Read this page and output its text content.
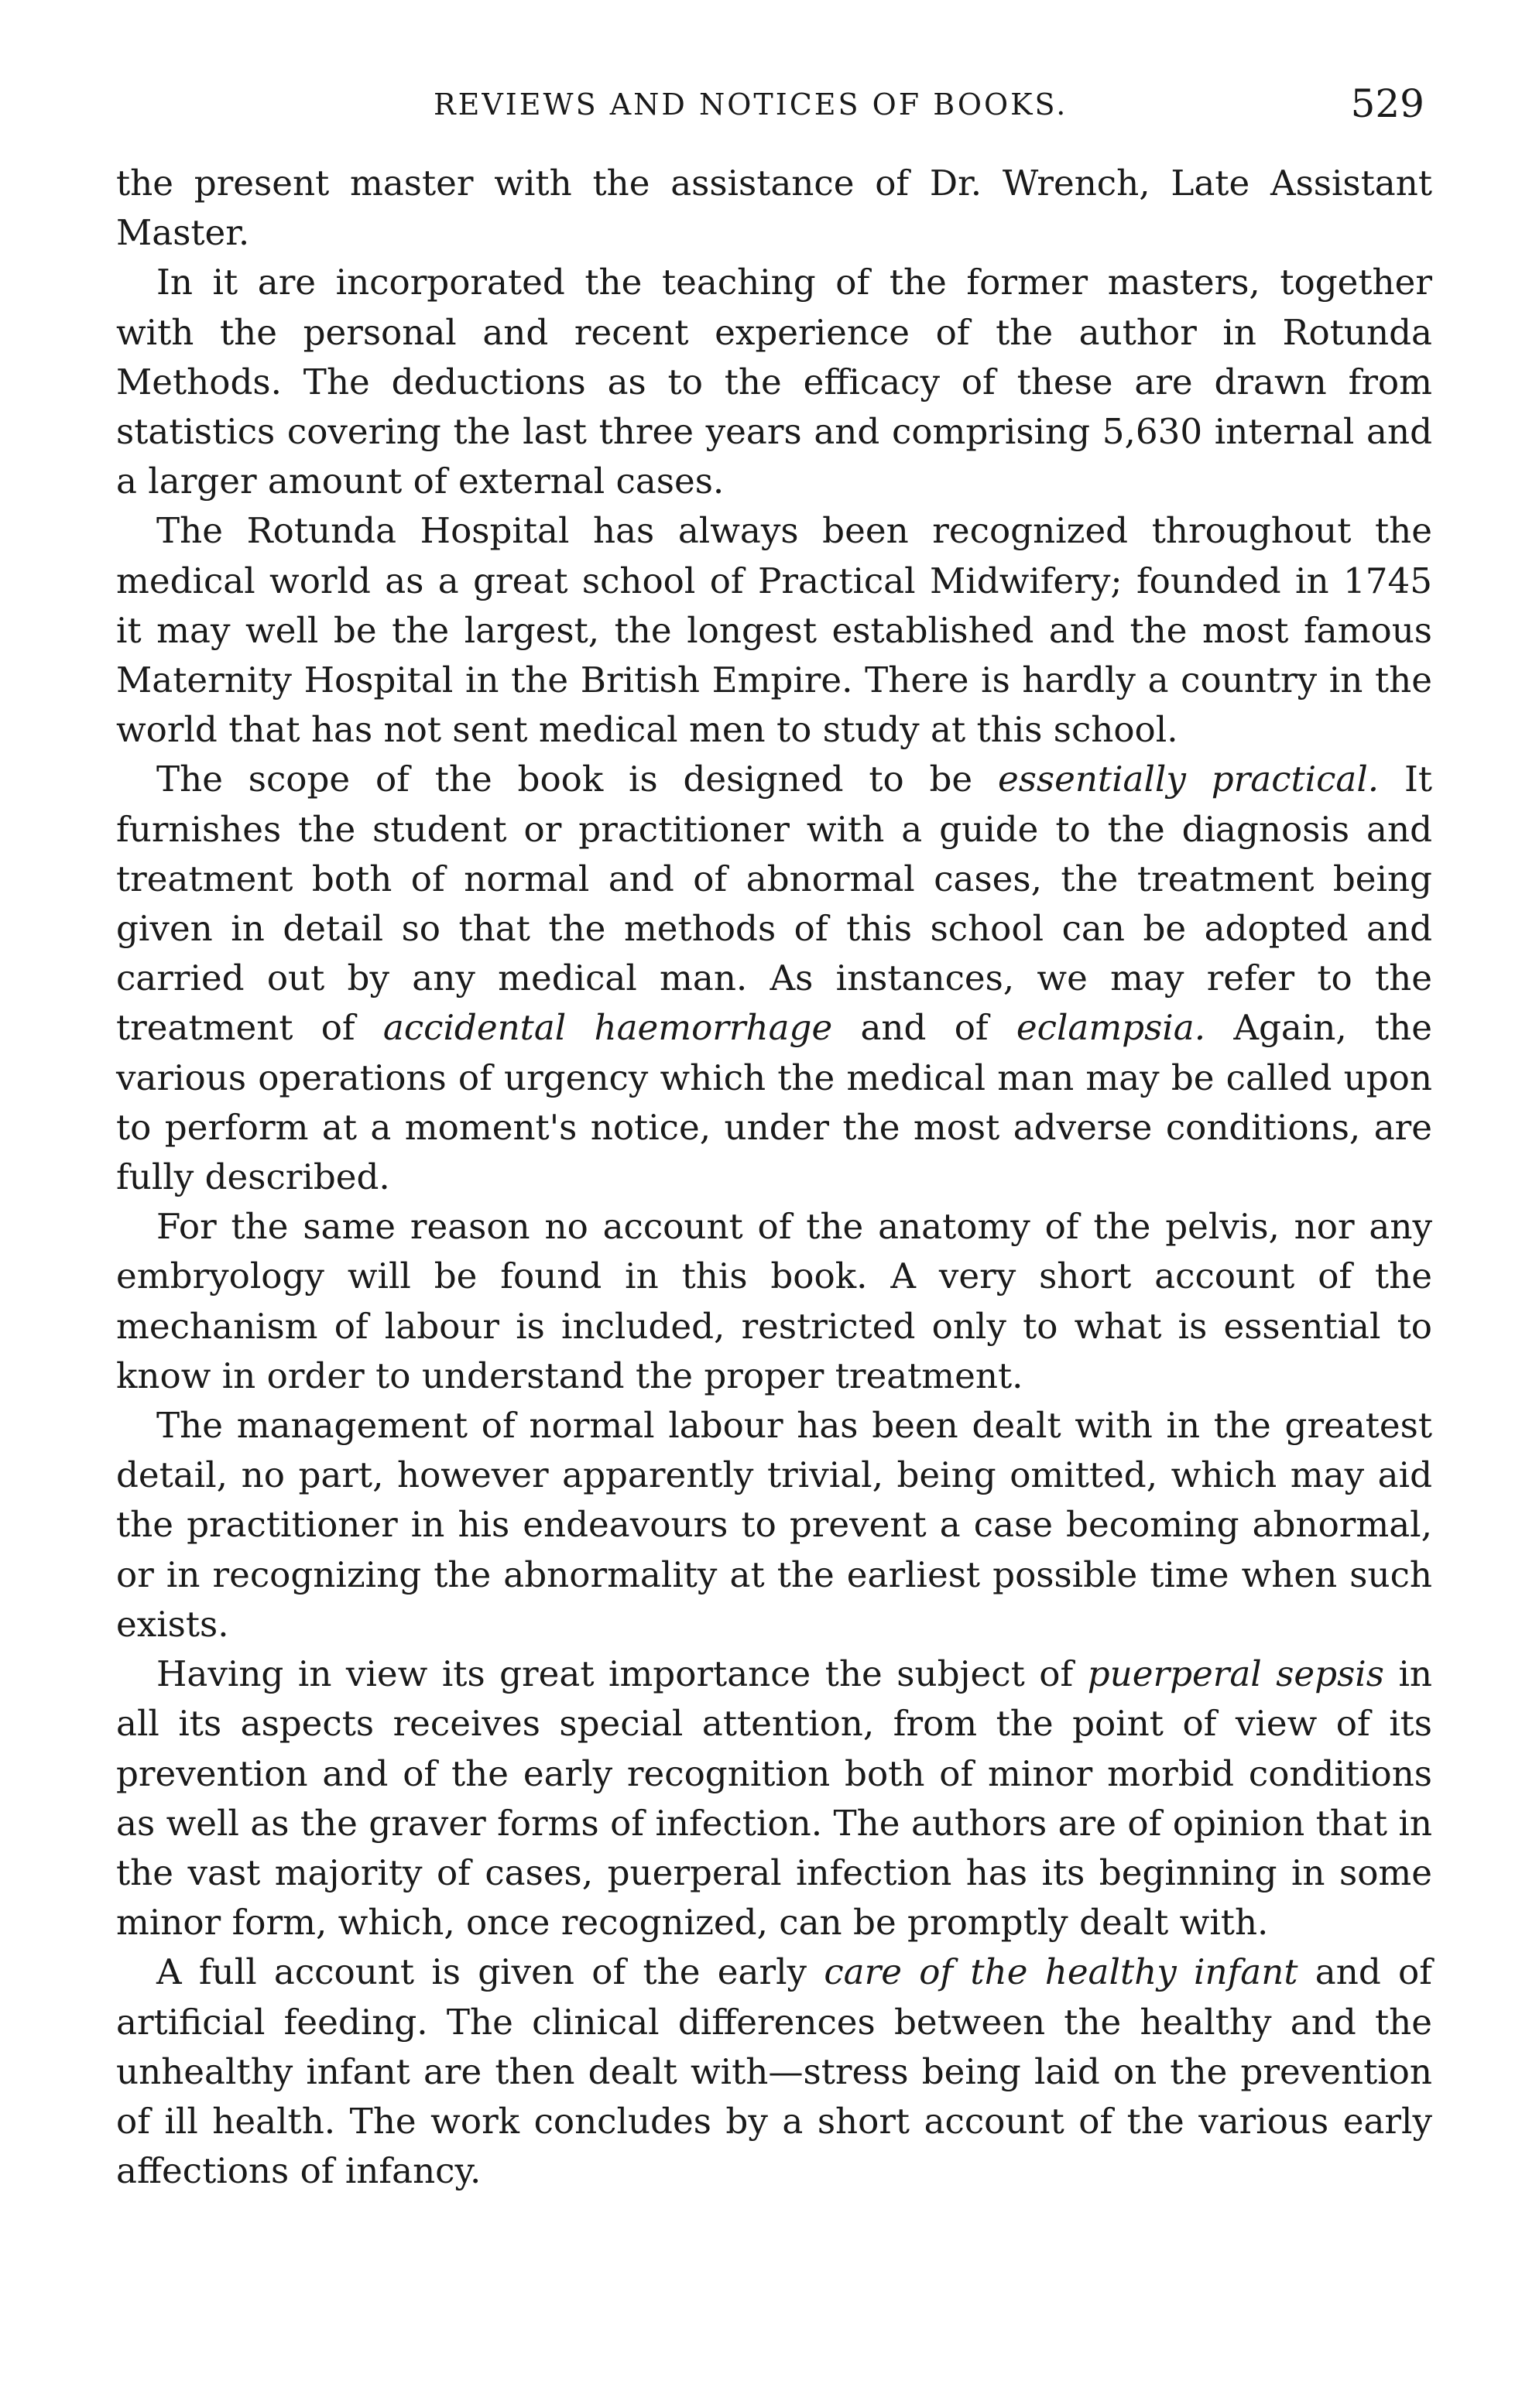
REVIEWS AND NOTICES OF BOOKS.	529

the present master with the assistance of Dr. Wrench, Late Assistant Master.

In it are incorporated the teaching of the former masters, together with the personal and recent experience of the author in Rotunda Methods. The deductions as to the efficacy of these are drawn from statistics covering the last three years and comprising 5,630 internal and a larger amount of external cases.

The Rotunda Hospital has always been recognized throughout the medical world as a great school of Practical Midwifery; founded in 1745 it may well be the largest, the longest established and the most famous Maternity Hospital in the British Empire. There is hardly a country in the world that has not sent medical men to study at this school.

The scope of the book is designed to be essentially practical. It furnishes the student or practitioner with a guide to the diagnosis and treatment both of normal and of abnormal cases, the treatment being given in detail so that the methods of this school can be adopted and carried out by any medical man. As instances, we may refer to the treatment of accidental haemorrhage and of eclampsia. Again, the various operations of urgency which the medical man may be called upon to perform at a moment's notice, under the most adverse conditions, are fully described.

For the same reason no account of the anatomy of the pelvis, nor any embryology will be found in this book. A very short account of the mechanism of labour is included, restricted only to what is essential to know in order to understand the proper treatment.

The management of normal labour has been dealt with in the greatest detail, no part, however apparently trivial, being omitted, which may aid the practitioner in his endeavours to prevent a case becoming abnormal, or in recognizing the abnormality at the earliest possible time when such exists.

Having in view its great importance the subject of puerperal sepsis in all its aspects receives special attention, from the point of view of its prevention and of the early recognition both of minor morbid conditions as well as the graver forms of infection. The authors are of opinion that in the vast majority of cases, puerperal infection has its beginning in some minor form, which, once recognized, can be promptly dealt with.

A full account is given of the early care of the healthy infant and of artificial feeding. The clinical differences between the healthy and the unhealthy infant are then dealt with—stress being laid on the prevention of ill health. The work concludes by a short account of the various early affections of infancy.
